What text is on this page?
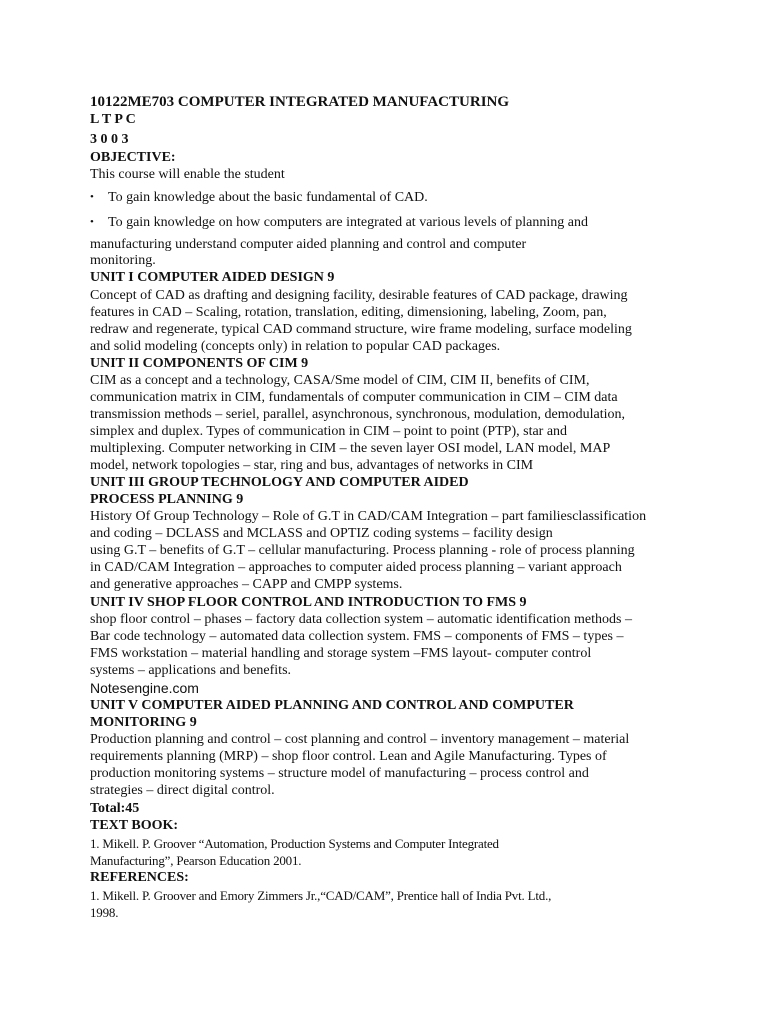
10122ME703 COMPUTER INTEGRATED MANUFACTURING
L T P C
3 0 0 3
OBJECTIVE:
This course will enable the student
• To gain knowledge about the basic fundamental of CAD.
• To gain knowledge on how computers are integrated at various levels of planning and
manufacturing understand computer aided planning and control and computer
monitoring.
UNIT I COMPUTER AIDED DESIGN 9
Concept of CAD as drafting and designing facility, desirable features of CAD package, drawing
features in CAD – Scaling, rotation, translation, editing, dimensioning, labeling, Zoom, pan,
redraw and regenerate, typical CAD command structure, wire frame modeling, surface modeling
and solid modeling (concepts only) in relation to popular CAD packages.
UNIT II COMPONENTS OF CIM 9
CIM as a concept and a technology, CASA/Sme model of CIM, CIM II, benefits of CIM,
communication matrix in CIM, fundamentals of computer communication in CIM – CIM data
transmission methods – seriel, parallel, asynchronous, synchronous, modulation, demodulation,
simplex and duplex. Types of communication in CIM – point to point (PTP), star and
multiplexing. Computer networking in CIM – the seven layer OSI model, LAN model, MAP
model, network topologies – star, ring and bus, advantages of networks in CIM
UNIT III GROUP TECHNOLOGY AND COMPUTER AIDED
PROCESS PLANNING 9
History Of Group Technology – Role of G.T in CAD/CAM Integration – part familiesclassification
and coding – DCLASS and MCLASS and OPTIZ coding systems – facility design
using G.T – benefits of G.T – cellular manufacturing. Process planning - role of process planning
in CAD/CAM Integration – approaches to computer aided process planning – variant approach
and generative approaches – CAPP and CMPP systems.
UNIT IV SHOP FLOOR CONTROL AND INTRODUCTION TO FMS 9
shop floor control – phases – factory data collection system – automatic identification methods –
Bar code technology – automated data collection system. FMS – components of FMS – types –
FMS workstation – material handling and storage system –FMS layout- computer control
systems – applications and benefits.
Notesengine.com
UNIT V COMPUTER AIDED PLANNING AND CONTROL AND COMPUTER
MONITORING 9
Production planning and control – cost planning and control – inventory management – material
requirements planning (MRP) – shop floor control. Lean and Agile Manufacturing. Types of
production monitoring systems – structure model of manufacturing – process control and
strategies – direct digital control.
Total:45
TEXT BOOK:
1. Mikell. P. Groover “Automation, Production Systems and Computer Integrated
Manufacturing”, Pearson Education 2001.
REFERENCES:
1. Mikell. P. Groover and Emory Zimmers Jr.,“CAD/CAM”, Prentice hall of India Pvt. Ltd.,
1998.
